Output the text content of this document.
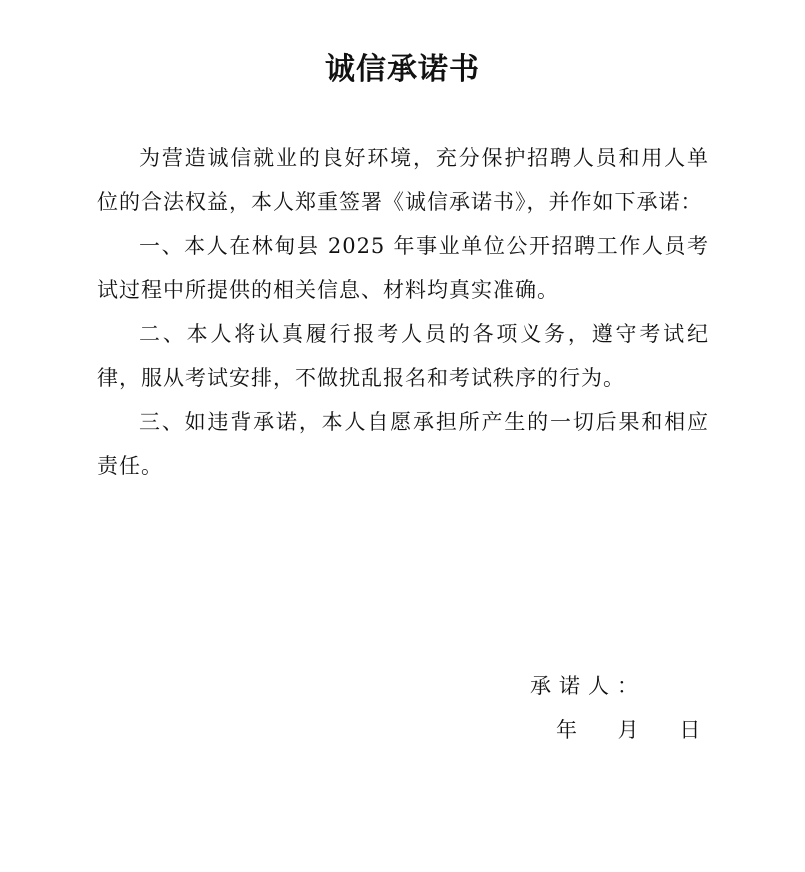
诚信承诺书

为营造诚信就业的良好环境，充分保护招聘人员和用人单位的合法权益，本人郑重签署《诚信承诺书》，并作如下承诺：

一、本人在林甸县 2025 年事业单位公开招聘工作人员考试过程中所提供的相关信息、材料均真实准确。

二、本人将认真履行报考人员的各项义务，遵守考试纪律，服从考试安排，不做扰乱报名和考试秩序的行为。

三、如违背承诺，本人自愿承担所产生的一切后果和相应责任。

承诺人：
年 月 日
